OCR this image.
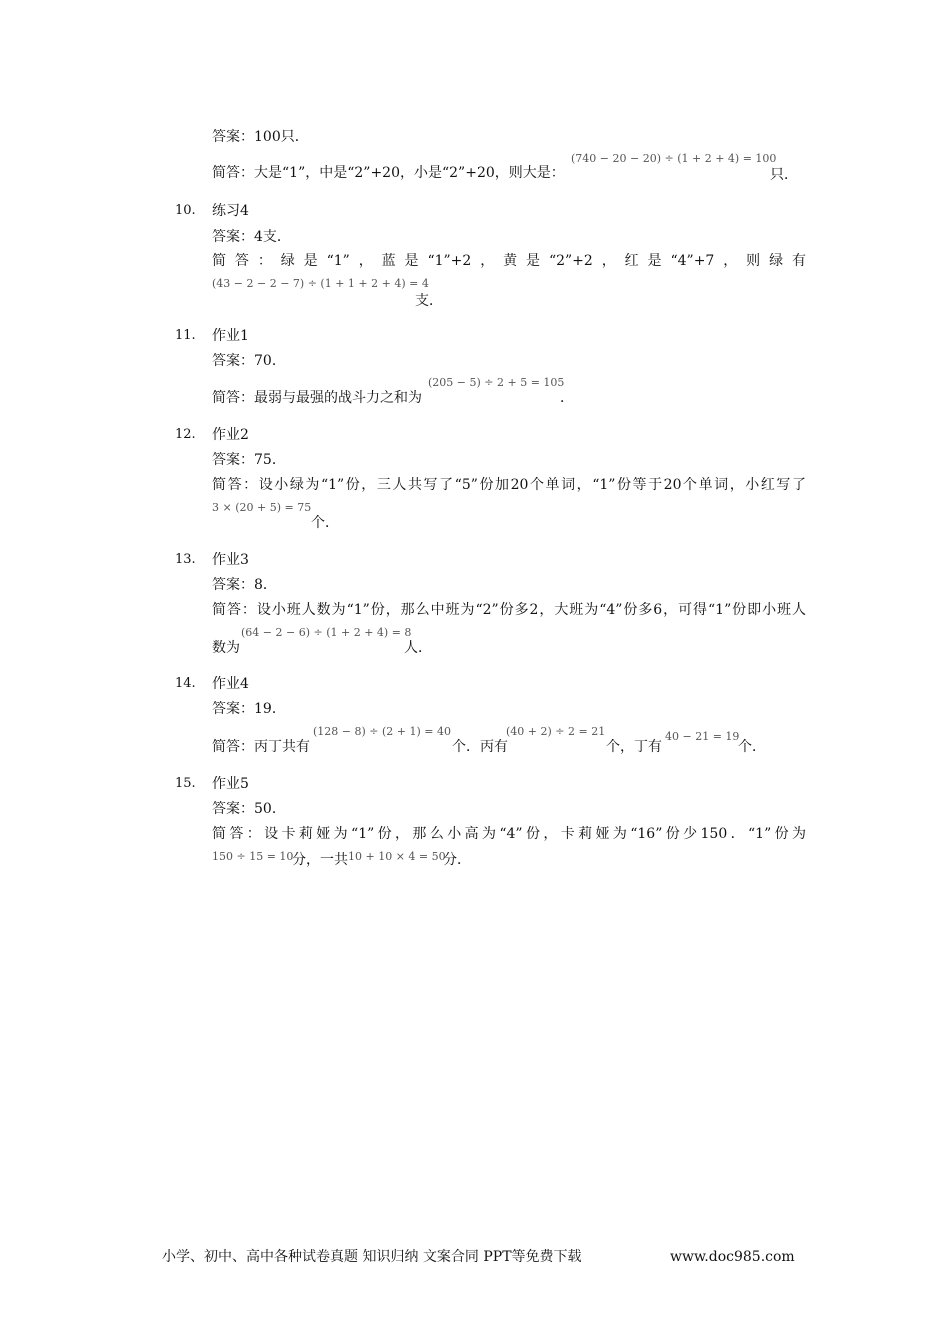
答案：100只．
简答：大是“1”，中是“2”+20，小是“2”+20，则大是：
(740 − 20 − 20) ÷ (1 + 2 + 4) = 100
只．
10. 练习4
答案：4支．
简答：绿是“1”，蓝是“1”+2，黄是“2”+2，红是“4”+7，则绿有
(43 − 2 − 2 − 7) ÷ (1 + 1 + 2 + 4) = 4
支．
11. 作业1
答案：70．
简答：最弱与最强的战斗力之和为
(205 − 5) ÷ 2 + 5 = 105
．
12. 作业2
答案：75．
简答：设小绿为“1”份，三人共写了“5”份加20个单词，“1”份等于20个单词，小红写了
3 × (20 + 5) = 75
个．
13. 作业3
答案：8．
简答：设小班人数为“1”份，那么中班为“2”份多2，大班为“4”份多6，可得“1”份即小班人
数为
(64 − 2 − 6) ÷ (1 + 2 + 4) = 8
人．
14. 作业4
答案：19．
简答：丙丁共有
(128 − 8) ÷ (2 + 1) = 40
个．丙有
(40 + 2) ÷ 2 = 21
个，丁有
40 − 21 = 19
个．
15. 作业5
答案：50．
简答：设卡莉娅为“1”份，那么小高为“4”份，卡莉娅为“16”份少150．“1”份为
150 ÷ 15 = 10
分，一共 10 + 10 × 4 = 50
分．
小学、初中、高中各种试卷真题 知识归纳 文案合同 PPT等免费下载	www.doc985.com
